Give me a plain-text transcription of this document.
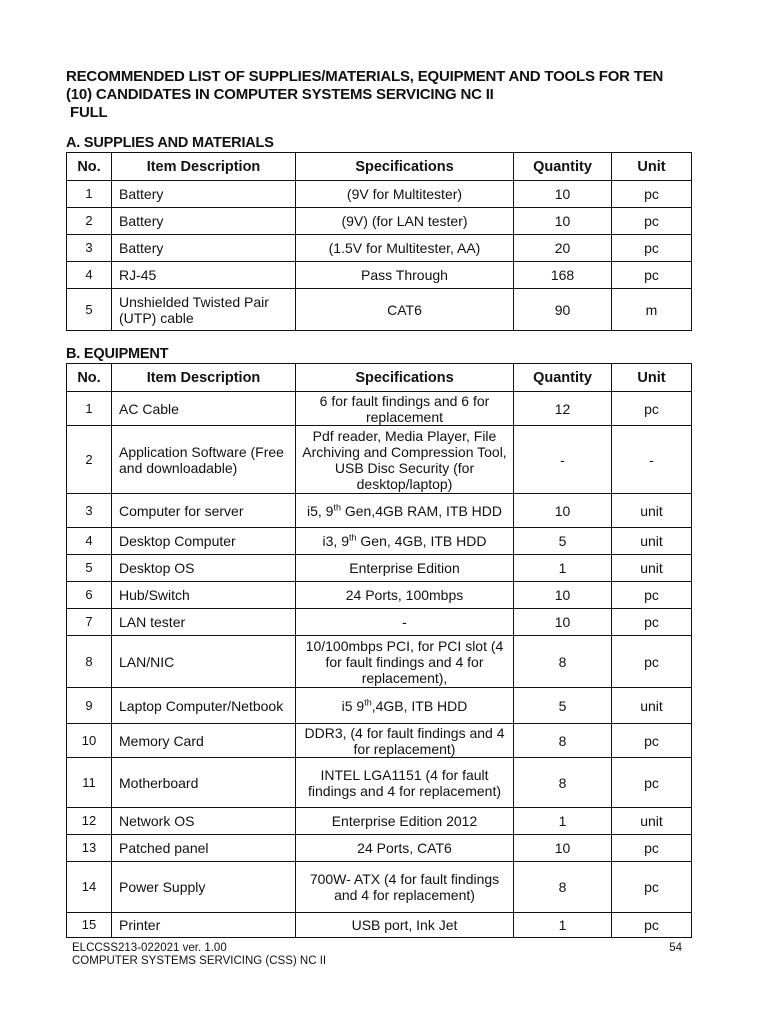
RECOMMENDED LIST OF SUPPLIES/MATERIALS, EQUIPMENT AND TOOLS FOR TEN
(10) CANDIDATES IN COMPUTER SYSTEMS SERVICING NC II
FULL
A. SUPPLIES AND MATERIALS
No.	Item Description	Specifications	Quantity	Unit
1	Battery	(9V for Multitester)	10	pc
2	Battery	(9V) (for LAN tester)	10	pc
3	Battery	(1.5V for Multitester, AA)	20	pc
4	RJ-45	Pass Through	168	pc
5	Unshielded Twisted Pair (UTP) cable	CAT6	90	m
B. EQUIPMENT
No.	Item Description	Specifications	Quantity	Unit
1	AC Cable	6 for fault findings and 6 for replacement	12	pc
2	Application Software (Free and downloadable)	Pdf reader, Media Player, File Archiving and Compression Tool, USB Disc Security (for desktop/laptop)	-	-
3	Computer for server	i5, 9th Gen,4GB RAM, ITB HDD	10	unit
4	Desktop Computer	i3, 9th Gen, 4GB, ITB HDD	5	unit
5	Desktop OS	Enterprise Edition	1	unit
6	Hub/Switch	24 Ports, 100mbps	10	pc
7	LAN tester	-	10	pc
8	LAN/NIC	10/100mbps PCI, for PCI slot (4 for fault findings and 4 for replacement),	8	pc
9	Laptop Computer/Netbook	i5 9th,4GB, ITB HDD	5	unit
10	Memory Card	DDR3, (4 for fault findings and 4 for replacement)	8	pc
11	Motherboard	INTEL LGA1151 (4 for fault findings and 4 for replacement)	8	pc
12	Network OS	Enterprise Edition 2012	1	unit
13	Patched panel	24 Ports, CAT6	10	pc
14	Power Supply	700W- ATX (4 for fault findings and 4 for replacement)	8	pc
15	Printer	USB port, Ink Jet	1	pc
ELCCSS213-022021 ver. 1.00
COMPUTER SYSTEMS SERVICING (CSS) NC II
54
